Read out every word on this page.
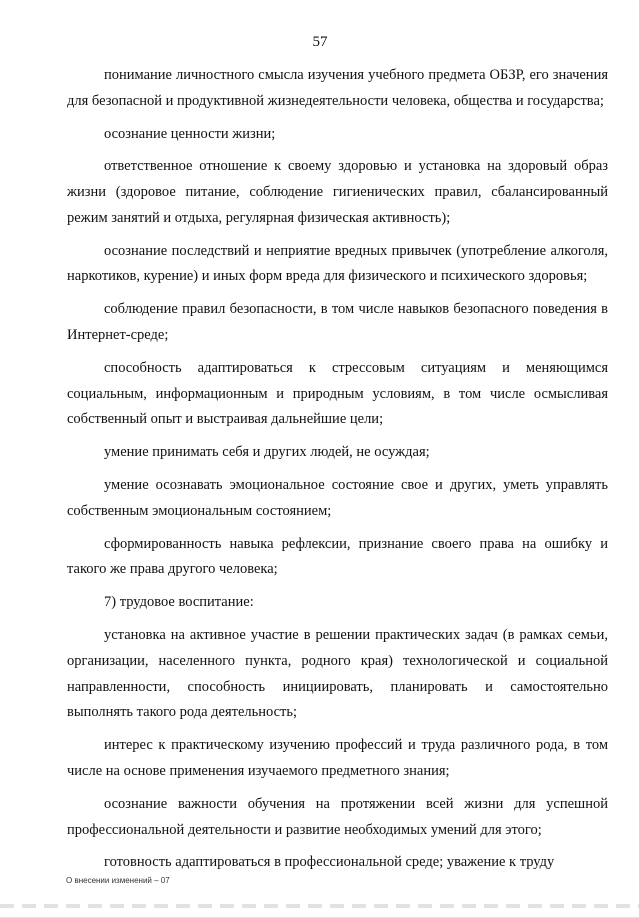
57

понимание личностного смысла изучения учебного предмета ОБЗР, его значения для безопасной и продуктивной жизнедеятельности человека, общества и государства;

осознание ценности жизни;

ответственное отношение к своему здоровью и установка на здоровый образ жизни (здоровое питание, соблюдение гигиенических правил, сбалансированный режим занятий и отдыха, регулярная физическая активность);

осознание последствий и неприятие вредных привычек (употребление алкоголя, наркотиков, курение) и иных форм вреда для физического и психического здоровья;

соблюдение правил безопасности, в том числе навыков безопасного поведения в Интернет-среде;

способность адаптироваться к стрессовым ситуациям и меняющимся социальным, информационным и природным условиям, в том числе осмысливая собственный опыт и выстраивая дальнейшие цели;

умение принимать себя и других людей, не осуждая;

умение осознавать эмоциональное состояние свое и других, уметь управлять собственным эмоциональным состоянием;

сформированность навыка рефлексии, признание своего права на ошибку и такого же права другого человека;

7) трудовое воспитание:

установка на активное участие в решении практических задач (в рамках семьи, организации, населенного пункта, родного края) технологической и социальной направленности, способность инициировать, планировать и самостоятельно выполнять такого рода деятельность;

интерес к практическому изучению профессий и труда различного рода, в том числе на основе применения изучаемого предметного знания;

осознание важности обучения на протяжении всей жизни для успешной профессиональной деятельности и развитие необходимых умений для этого;

готовность адаптироваться в профессиональной среде; уважение к труду

О внесении изменений – 07
